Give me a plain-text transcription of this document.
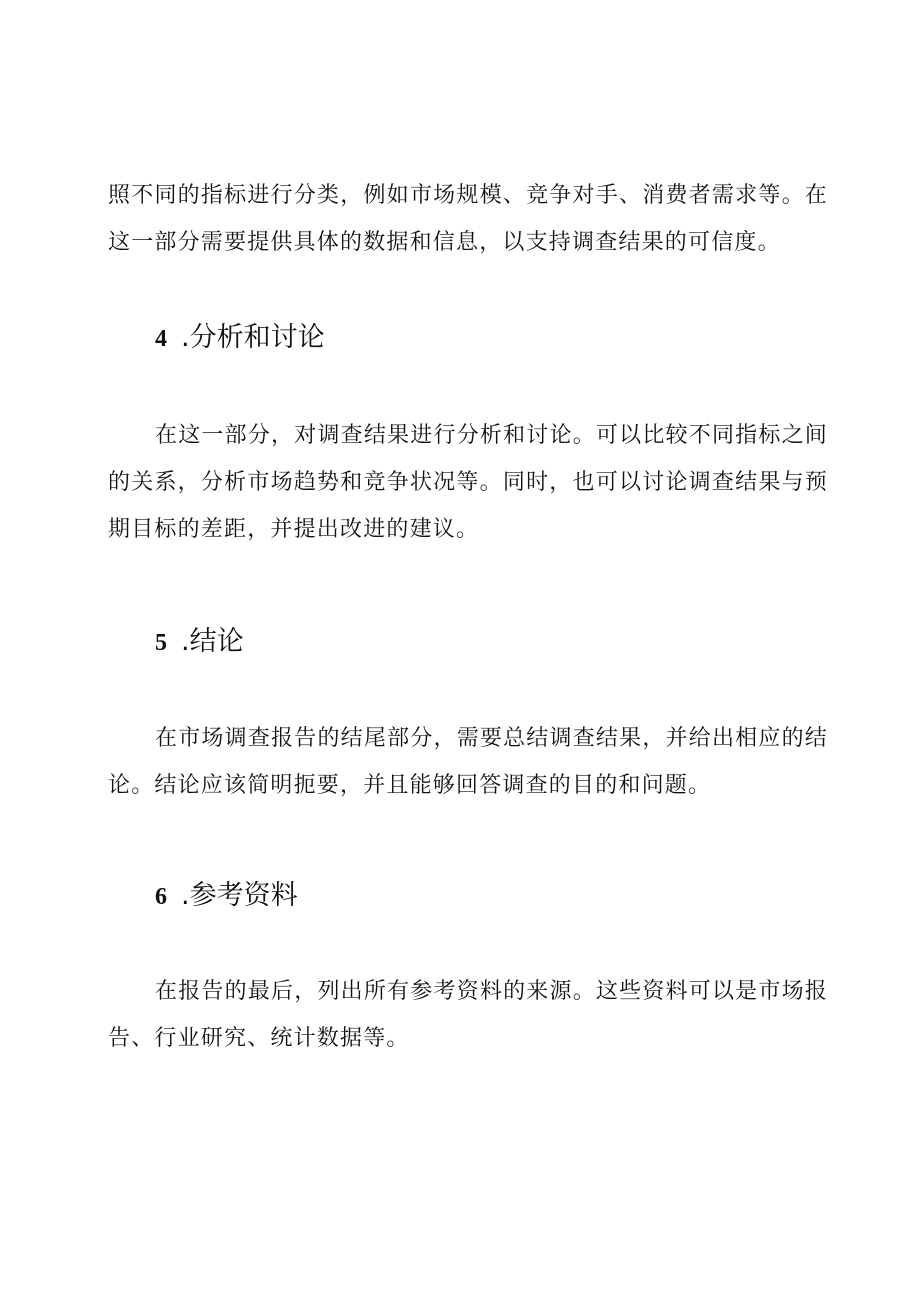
照不同的指标进行分类，例如市场规模、竞争对手、消费者需求等。在这一部分需要提供具体的数据和信息，以支持调查结果的可信度。

4 .分析和讨论

在这一部分，对调查结果进行分析和讨论。可以比较不同指标之间的关系，分析市场趋势和竞争状况等。同时，也可以讨论调查结果与预期目标的差距，并提出改进的建议。

5 .结论

在市场调查报告的结尾部分，需要总结调查结果，并给出相应的结论。结论应该简明扼要，并且能够回答调查的目的和问题。

6 .参考资料

在报告的最后，列出所有参考资料的来源。这些资料可以是市场报告、行业研究、统计数据等。
